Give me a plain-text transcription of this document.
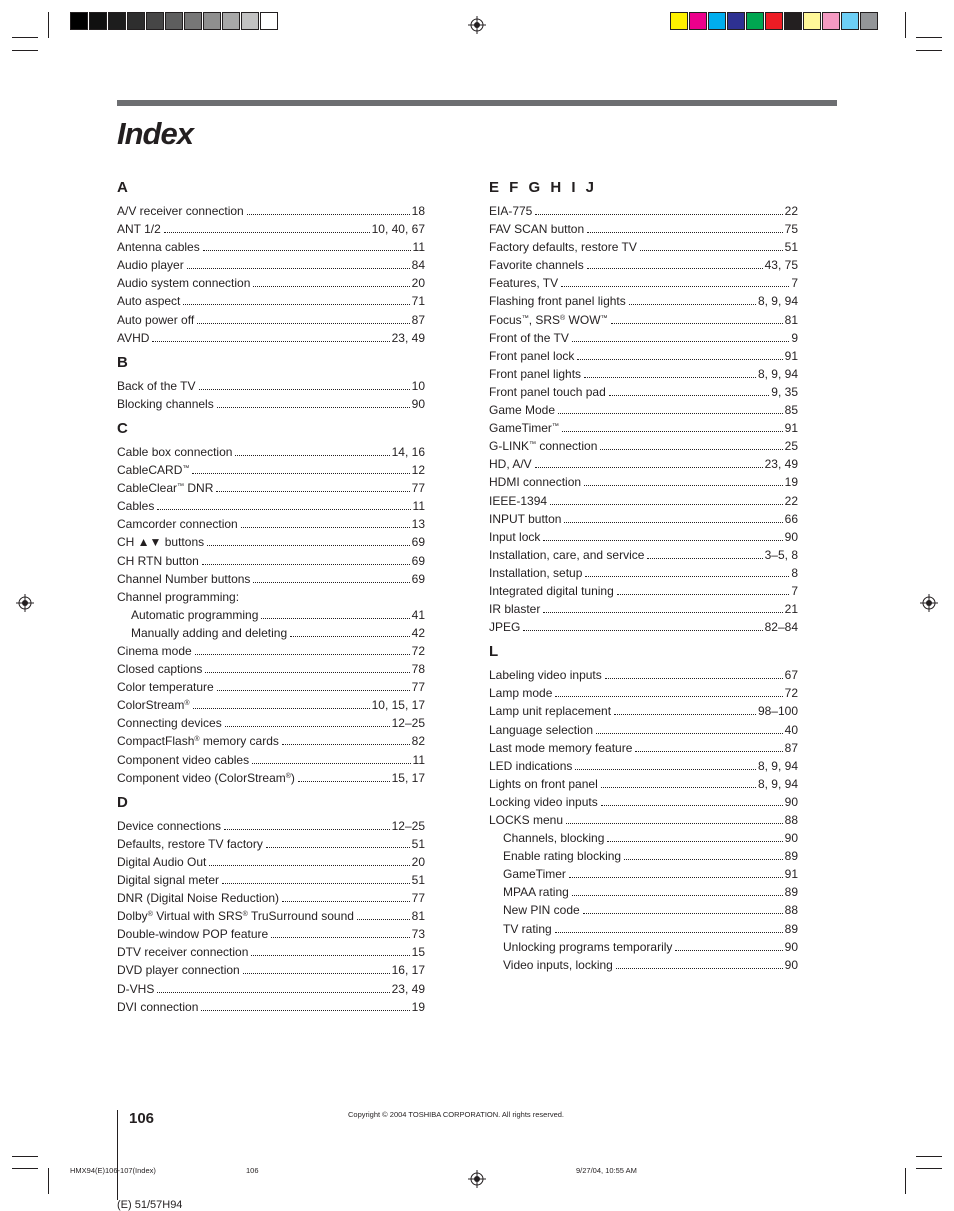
Index
A
A/V receiver connection	18
ANT 1/2	10, 40, 67
Antenna cables	11
Audio player	84
Audio system connection	20
Auto aspect	71
Auto power off	87
AVHD	23, 49
B
Back of the TV	10
Blocking channels	90
C
Cable box connection	14, 16
CableCARD™	12
CableClear™ DNR	77
Cables	11
Camcorder connection	13
CH ▲▼ buttons	69
CH RTN button	69
Channel Number buttons	69
Channel programming:
Automatic programming	41
Manually adding and deleting	42
Cinema mode	72
Closed captions	78
Color temperature	77
ColorStream®	10, 15, 17
Connecting devices	12–25
CompactFlash® memory cards	82
Component video cables	11
Component video (ColorStream®)	15, 17
D
Device connections	12–25
Defaults, restore TV factory	51
Digital Audio Out	20
Digital signal meter	51
DNR (Digital Noise Reduction)	77
Dolby® Virtual with SRS® TruSurround sound	81
Double-window POP feature	73
DTV receiver connection	15
DVD player connection	16, 17
D-VHS	23, 49
DVI connection	19
E F G H I J
EIA-775	22
FAV SCAN button	75
Factory defaults, restore TV	51
Favorite channels	43, 75
Features, TV	7
Flashing front panel lights	8, 9, 94
Focus™, SRS® WOW™	81
Front of the TV	9
Front panel lock	91
Front panel lights	8, 9, 94
Front panel touch pad	9, 35
Game Mode	85
GameTimer™	91
G-LINK™ connection	25
HD, A/V	23, 49
HDMI connection	19
IEEE-1394	22
INPUT button	66
Input lock	90
Installation, care, and service	3–5, 8
Installation, setup	8
Integrated digital tuning	7
IR blaster	21
JPEG	82–84
L
Labeling video inputs	67
Lamp mode	72
Lamp unit replacement	98–100
Language selection	40
Last mode memory feature	87
LED indications	8, 9, 94
Lights on front panel	8, 9, 94
Locking video inputs	90
LOCKS menu	88
Channels, blocking	90
Enable rating blocking	89
GameTimer	91
MPAA rating	89
New PIN code	88
TV rating	89
Unlocking programs temporarily	90
Video inputs, locking	90
106	Copyright © 2004 TOSHIBA CORPORATION. All rights reserved.
HMX94(E)106-107(Index)	106	9/27/04, 10:55 AM
(E) 51/57H94
